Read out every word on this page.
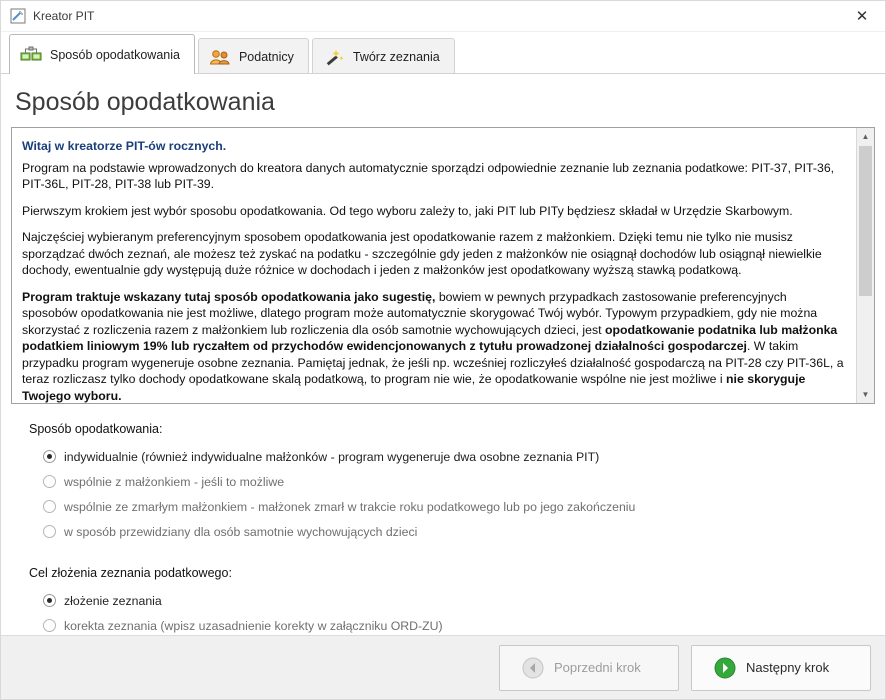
Kreator PIT	✕
Sposób opodatkowania	Podatnicy	Twórz zeznania
Sposób opodatkowania

Witaj w kreatorze PIT-ów rocznych.

Program na podstawie wprowadzonych do kreatora danych automatycznie sporządzi odpowiednie zeznanie lub zeznania podatkowe: PIT-37, PIT-36, PIT-36L, PIT-28, PIT-38 lub PIT-39.

Pierwszym krokiem jest wybór sposobu opodatkowania. Od tego wyboru zależy to, jaki PIT lub PITy będziesz składał w Urzędzie Skarbowym.

Najczęściej wybieranym preferencyjnym sposobem opodatkowania jest opodatkowanie razem z małżonkiem. Dzięki temu nie tylko nie musisz sporządzać dwóch zeznań, ale możesz też zyskać na podatku - szczególnie gdy jeden z małżonków nie osiągnął dochodów lub osiągnął niewielkie dochody, ewentualnie gdy występują duże różnice w dochodach i jeden z małżonków jest opodatkowany wyższą stawką podatkową.

Program traktuje wskazany tutaj sposób opodatkowania jako sugestię, bowiem w pewnych przypadkach zastosowanie preferencyjnych sposobów opodatkowania nie jest możliwe, dlatego program może automatycznie skorygować Twój wybór. Typowym przypadkiem, gdy nie można skorzystać z rozliczenia razem z małżonkiem lub rozliczenia dla osób samotnie wychowujących dzieci, jest opodatkowanie podatnika lub małżonka podatkiem liniowym 19% lub ryczałtem od przychodów ewidencjonowanych z tytułu prowadzonej działalności gospodarczej. W takim przypadku program wygeneruje osobne zeznania. Pamiętaj jednak, że jeśli np. wcześniej rozliczyłeś działalność gospodarczą na PIT-28 czy PIT-36L, a teraz rozliczasz tylko dochody opodatkowane skalą podatkową, to program nie wie, że opodatkowanie wspólne nie jest możliwe i nie skoryguje Twojego wyboru.

▲
▼
Sposób opodatkowania:
indywidualnie (również indywidualne małżonków - program wygeneruje dwa osobne zeznania PIT)
wspólnie z małżonkiem - jeśli to możliwe
wspólnie ze zmarłym małżonkiem - małżonek zmarł w trakcie roku podatkowego lub po jego zakończeniu
w sposób przewidziany dla osób samotnie wychowujących dzieci
Cel złożenia zeznania podatkowego:
złożenie zeznania
korekta zeznania (wpisz uzasadnienie korekty w załączniku ORD-ZU)
Poprzedni krok	Następny krok
